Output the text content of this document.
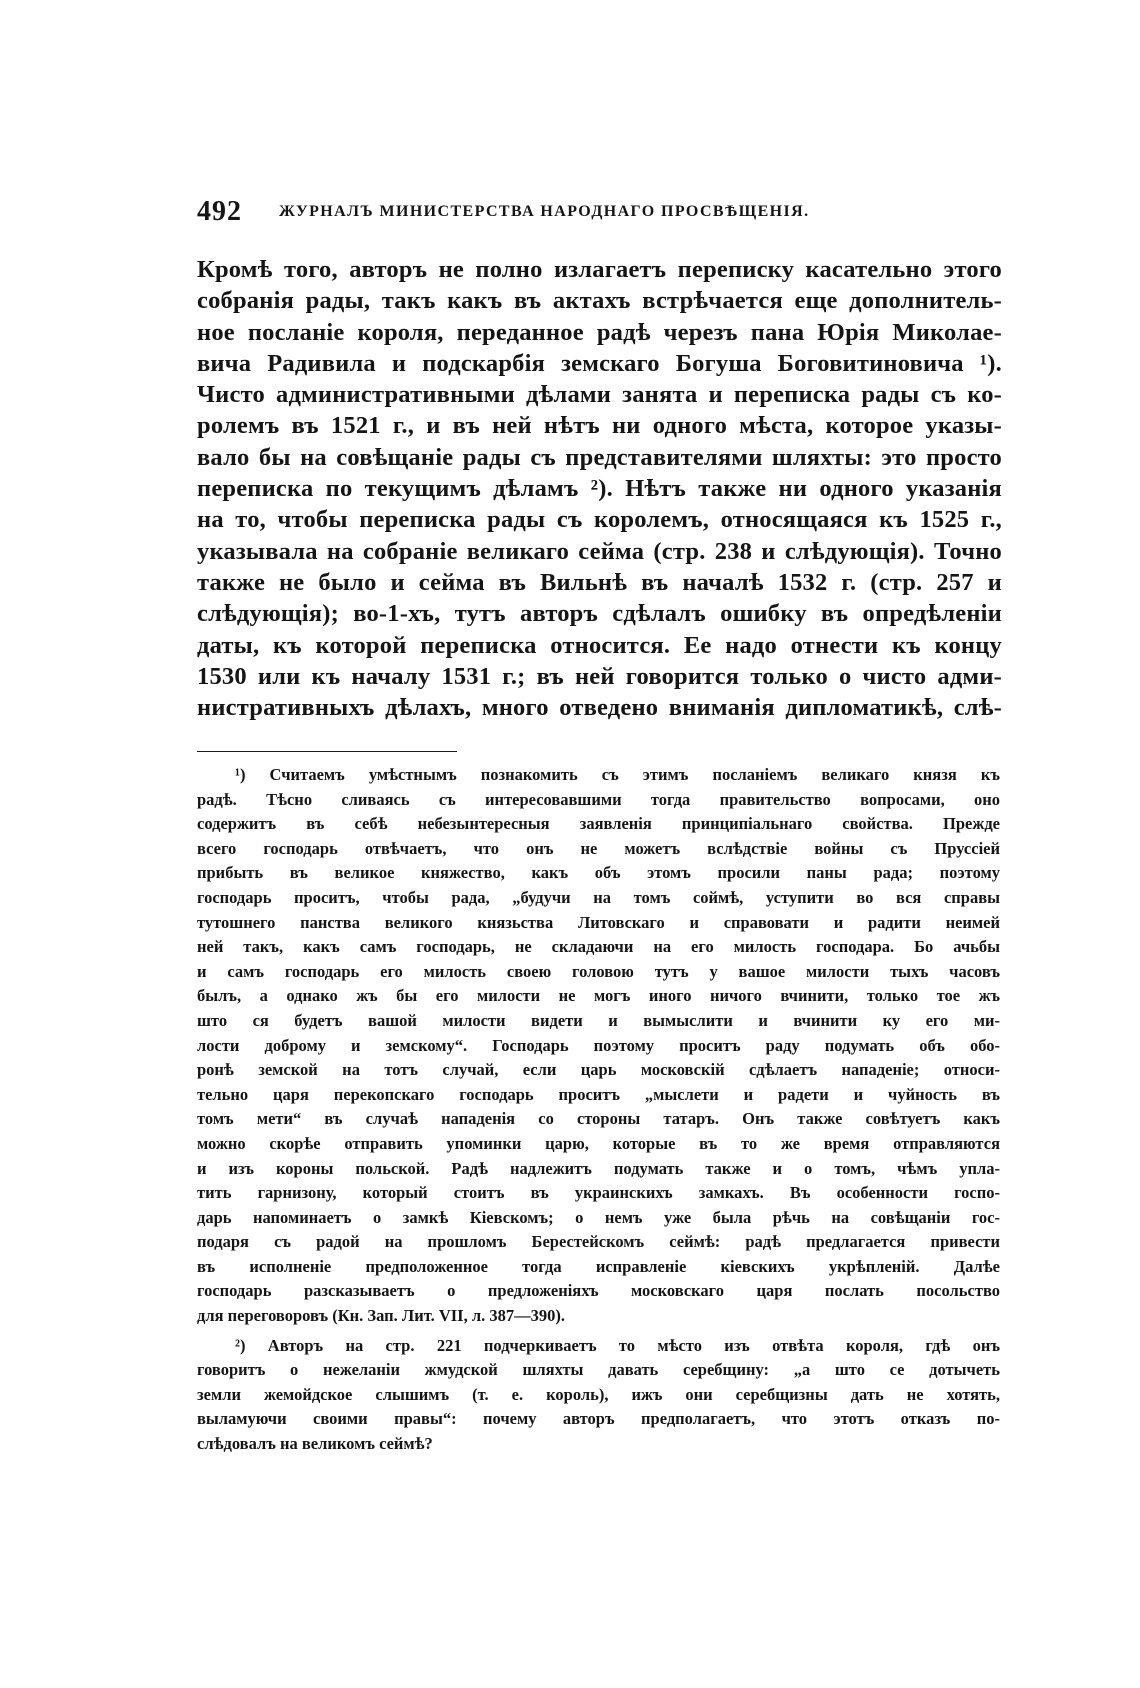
492 ЖУРНАЛЪ МИНИСТЕРСТВА НАРОДНАГО ПРОСВѢЩЕНІЯ.
Кромѣ того, авторъ не полно излагаетъ переписку касательно этого
собранія рады, такъ какъ въ актахъ встрѣчается еще дополнитель-
ное посланіе короля, переданное радѣ черезъ пана Юрія Миколае-
вича Радивила и подскарбія земскаго Богуша Боговитиновича ¹).
Чисто административными дѣлами занята и переписка рады съ ко-
ролемъ въ 1521 г., и въ ней нѣтъ ни одного мѣста, которое указы-
вало бы на совѣщаніе рады съ представителями шляхты: это просто
переписка по текущимъ дѣламъ ²). Нѣтъ также ни одного указанія
на то, чтобы переписка рады съ королемъ, относящаяся къ 1525 г.,
указывала на собраніе великаго сейма (стр. 238 и слѣдующія). Точно
также не было и сейма въ Вильнѣ въ началѣ 1532 г. (стр. 257 и
слѣдующія); во-1-хъ, тутъ авторъ сдѣлалъ ошибку въ опредѣленіи
даты, къ которой переписка относится. Ее надо отнести къ концу
1530 или къ началу 1531 г.; въ ней говорится только о чисто адми-
нистративныхъ дѣлахъ, много отведено вниманія дипломатикѣ, слѣ-
¹) Считаемъ умѣстнымъ познакомить съ этимъ посланіемъ великаго князя къ
радѣ. Тѣсно сливаясь съ интересовавшими тогда правительство вопросами, оно
содержитъ въ себѣ небезынтересныя заявленія принципіальнаго свойства. Прежде
всего господарь отвѣчаетъ, что онъ не можетъ вслѣдствіе войны съ Пруссіей
прибыть въ великое княжество, какъ объ этомъ просили паны рада; поэтому
господарь проситъ, чтобы рада, „будучи на томъ соймѣ, уступити во вся справы
тутошнего панства великого князьства Литовскаго и справовати и радити неимей
ней такъ, какъ самъ господарь, не складаючи на его милость господара. Бо ачьбы
и самъ господарь его милость своею головою тутъ у вашое милости тыхъ часовъ
былъ, а однако жъ бы его милости не могъ иного ничого вчинити, только тое жъ
што ся будетъ вашой милости видети и вымыслити и вчинити ку его ми-
лости доброму и земскому“. Господарь поэтому проситъ раду подумать объ обо-
ронѣ земской на тотъ случай, если царь московскій сдѣлаетъ нападеніе; относи-
тельно царя перекопскаго господарь проситъ „мыслети и радети и чуйность въ
томъ мети“ въ случаѣ нападенія со стороны татаръ. Онъ также совѣтуетъ какъ
можно скорѣе отправить упоминки царю, которые въ то же время отправляются
и изъ короны польской. Радѣ надлежитъ подумать также и о томъ, чѣмъ упла-
тить гарнизону, который стоитъ въ украинскихъ замкахъ. Въ особенности госпо-
дарь напоминаетъ о замкѣ Кіевскомъ; о немъ уже была рѣчь на совѣщаніи гос-
подаря съ радой на прошломъ Берестейскомъ сеймѣ: радѣ предлагается привести
въ исполненіе предположенное тогда исправленіе кіевскихъ укрѣпленій. Далѣе
господарь разсказываетъ о предложеніяхъ московскаго царя послать посольство
для переговоровъ (Кн. Зап. Лит. VII, л. 387—390).
²) Авторъ на стр. 221 подчеркиваетъ то мѣсто изъ отвѣта короля, гдѣ онъ
говоритъ о нежеланіи жмудской шляхты давать серебщину: „а што се дотычеть
земли жемойдское слышимъ (т. е. король), ижъ они серебщизны дать не хотять,
выламуючи своими правы“: почему авторъ предполагаетъ, что этотъ отказъ по-
слѣдовалъ на великомъ сеймѣ?
